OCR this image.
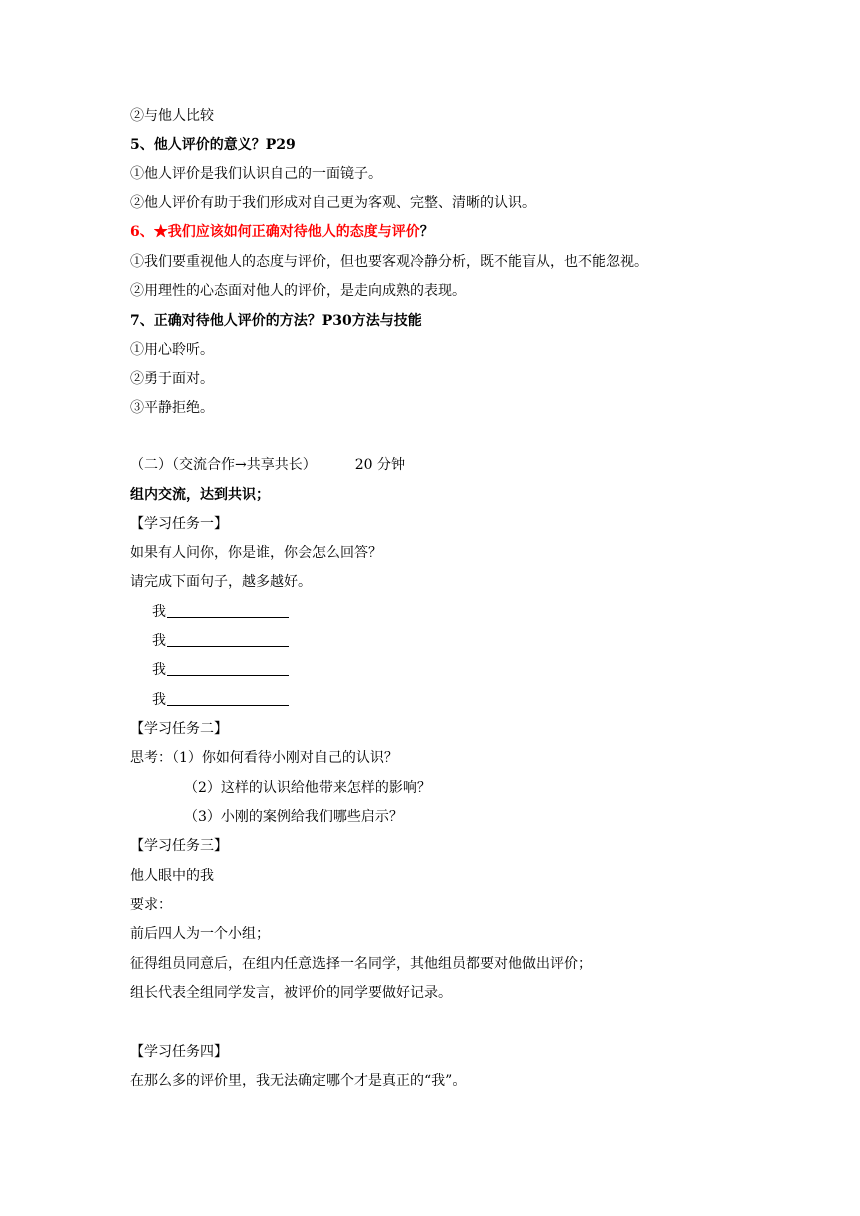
②与他人比较
5、他人评价的意义？P29
①他人评价是我们认识自己的一面镜子。
②他人评价有助于我们形成对自己更为客观、完整、清晰的认识。
6、★我们应该如何正确对待他人的态度与评价？
①我们要重视他人的态度与评价，但也要客观冷静分析，既不能盲从，也不能忽视。
②用理性的心态面对他人的评价，是走向成熟的表现。
7、正确对待他人评价的方法？P30方法与技能
①用心聆听。
②勇于面对。
③平静拒绝。
（二）（交流合作→共享共长）	20 分钟
组内交流，达到共识；
【学习任务一】
如果有人问你，你是谁，你会怎么回答？
请完成下面句子，越多越好。
我
我
我
我
【学习任务二】
思考：（1）你如何看待小刚对自己的认识？
（2）这样的认识给他带来怎样的影响？
（3）小刚的案例给我们哪些启示？
【学习任务三】
他人眼中的我
要求：
前后四人为一个小组；
征得组员同意后，在组内任意选择一名同学，其他组员都要对他做出评价；
组长代表全组同学发言，被评价的同学要做好记录。
【学习任务四】
在那么多的评价里，我无法确定哪个才是真正的“我”。
